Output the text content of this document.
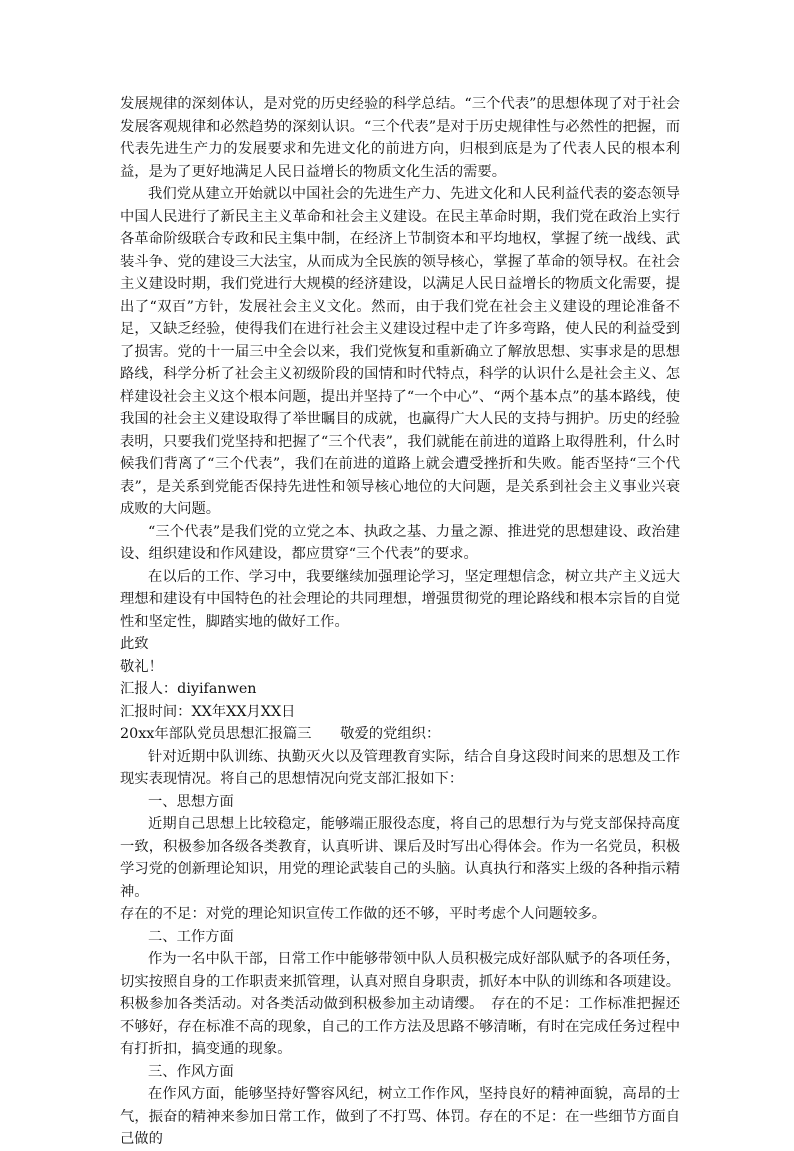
发展规律的深刻体认，是对党的历史经验的科学总结。“三个代表”的思想体现了对于社会发展客观规律和必然趋势的深刻认识。“三个代表”是对于历史规律性与必然性的把握，而代表先进生产力的发展要求和先进文化的前进方向，归根到底是为了代表人民的根本利益，是为了更好地满足人民日益增长的物质文化生活的需要。

我们党从建立开始就以中国社会的先进生产力、先进文化和人民利益代表的姿态领导中国人民进行了新民主主义革命和社会主义建设。在民主革命时期，我们党在政治上实行各革命阶级联合专政和民主集中制，在经济上节制资本和平均地权，掌握了统一战线、武装斗争、党的建设三大法宝，从而成为全民族的领导核心，掌握了革命的领导权。在社会主义建设时期，我们党进行大规模的经济建设，以满足人民日益增长的物质文化需要，提出了“双百”方针，发展社会主义文化。然而，由于我们党在社会主义建设的理论准备不足，又缺乏经验，使得我们在进行社会主义建设过程中走了许多弯路，使人民的利益受到了损害。党的十一届三中全会以来，我们党恢复和重新确立了解放思想、实事求是的思想路线，科学分析了社会主义初级阶段的国情和时代特点，科学的认识什么是社会主义、怎样建设社会主义这个根本问题，提出并坚持了“一个中心”、“两个基本点”的基本路线，使我国的社会主义建设取得了举世瞩目的成就，也赢得广大人民的支持与拥护。历史的经验表明，只要我们党坚持和把握了“三个代表”，我们就能在前进的道路上取得胜利，什么时候我们背离了“三个代表”，我们在前进的道路上就会遭受挫折和失败。能否坚持“三个代表”，是关系到党能否保持先进性和领导核心地位的大问题，是关系到社会主义事业兴衰成败的大问题。

“三个代表”是我们党的立党之本、执政之基、力量之源、推进党的思想建设、政治建设、组织建设和作风建设，都应贯穿“三个代表”的要求。

在以后的工作、学习中，我要继续加强理论学习，坚定理想信念，树立共产主义远大理想和建设有中国特色的社会理论的共同理想，增强贯彻党的理论路线和根本宗旨的自觉性和坚定性，脚踏实地的做好工作。

此致

敬礼！

汇报人：diyifanwen

汇报时间：XX年XX月XX日

20xx年部队党员思想汇报篇三　　敬爱的党组织：

针对近期中队训练、执勤灭火以及管理教育实际，结合自身这段时间来的思想及工作现实表现情况。将自己的思想情况向党支部汇报如下：

一、思想方面

近期自己思想上比较稳定，能够端正服役态度，将自己的思想行为与党支部保持高度一致，积极参加各级各类教育，认真听讲、课后及时写出心得体会。作为一名党员，积极学习党的创新理论知识，用党的理论武装自己的头脑。认真执行和落实上级的各种指示精神。

存在的不足：对党的理论知识宣传工作做的还不够，平时考虑个人问题较多。

二、工作方面

作为一名中队干部，日常工作中能够带领中队人员积极完成好部队赋予的各项任务，切实按照自身的工作职责来抓管理，认真对照自身职责，抓好本中队的训练和各项建设。积极参加各类活动。对各类活动做到积极参加主动请缨。　存在的不足：工作标准把握还不够好，存在标准不高的现象，自己的工作方法及思路不够清晰，有时在完成任务过程中有打折扣，搞变通的现象。

三、作风方面

在作风方面，能够坚持好警容风纪，树立工作作风，坚持良好的精神面貌，高昂的士气，振奋的精神来参加日常工作，做到了不打骂、体罚。存在的不足：在一些细节方面自己做的
